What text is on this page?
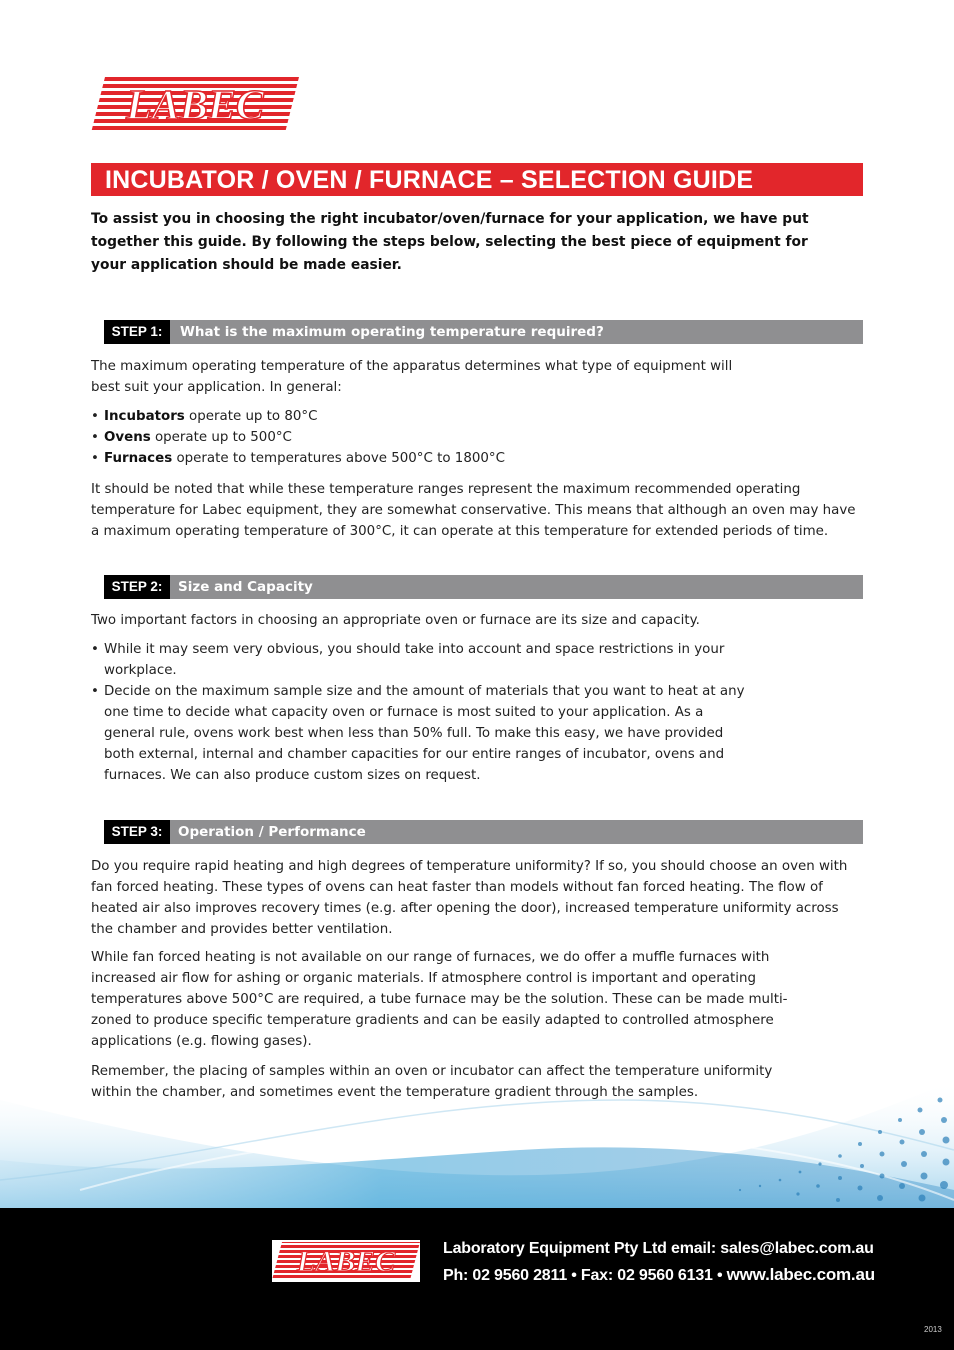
LABEC
INCUBATOR / OVEN / FURNACE – SELECTION GUIDE
To assist you in choosing the right incubator/oven/furnace for your application, we have put together this guide. By following the steps below, selecting the best piece of equipment for your application should be made easier.
STEP 1:	What is the maximum operating temperature required?

The maximum operating temperature of the apparatus determines what type of equipment will best suit your application. In general:

• Incubators operate up to 80°C
• Ovens operate up to 500°C
• Furnaces operate to temperatures above 500°C to 1800°C

It should be noted that while these temperature ranges represent the maximum recommended operating temperature for Labec equipment, they are somewhat conservative. This means that although an oven may have a maximum operating temperature of 300°C, it can operate at this temperature for extended periods of time.

STEP 2:	Size and Capacity

Two important factors in choosing an appropriate oven or furnace are its size and capacity.

• While it may seem very obvious, you should take into account and space restrictions in your workplace.
• Decide on the maximum sample size and the amount of materials that you want to heat at any one time to decide what capacity oven or furnace is most suited to your application. As a general rule, ovens work best when less than 50% full. To make this easy, we have provided both external, internal and chamber capacities for our entire ranges of incubator, ovens and furnaces. We can also produce custom sizes on request.
STEP 3:	Operation / Performance

Do you require rapid heating and high degrees of temperature uniformity? If so, you should choose an oven with fan forced heating. These types of ovens can heat faster than models without fan forced heating. The flow of heated air also improves recovery times (e.g. after opening the door), increased temperature uniformity across the chamber and provides better ventilation.

While fan forced heating is not available on our range of furnaces, we do offer a muffle furnaces with increased air flow for ashing or organic materials. If atmosphere control is important and operating temperatures above 500°C are required, a tube furnace may be the solution. These can be made multi-zoned to produce specific temperature gradients and can be easily adapted to controlled atmosphere applications (e.g. flowing gases).

Remember, the placing of samples within an oven or incubator can affect the temperature uniformity within the chamber, and sometimes event the temperature gradient through the samples.

LABEC	Laboratory Equipment Pty Ltd email: sales@labec.com.au
Ph: 02 9560 2811 • Fax: 02 9560 6131 • www.labec.com.au
2013
